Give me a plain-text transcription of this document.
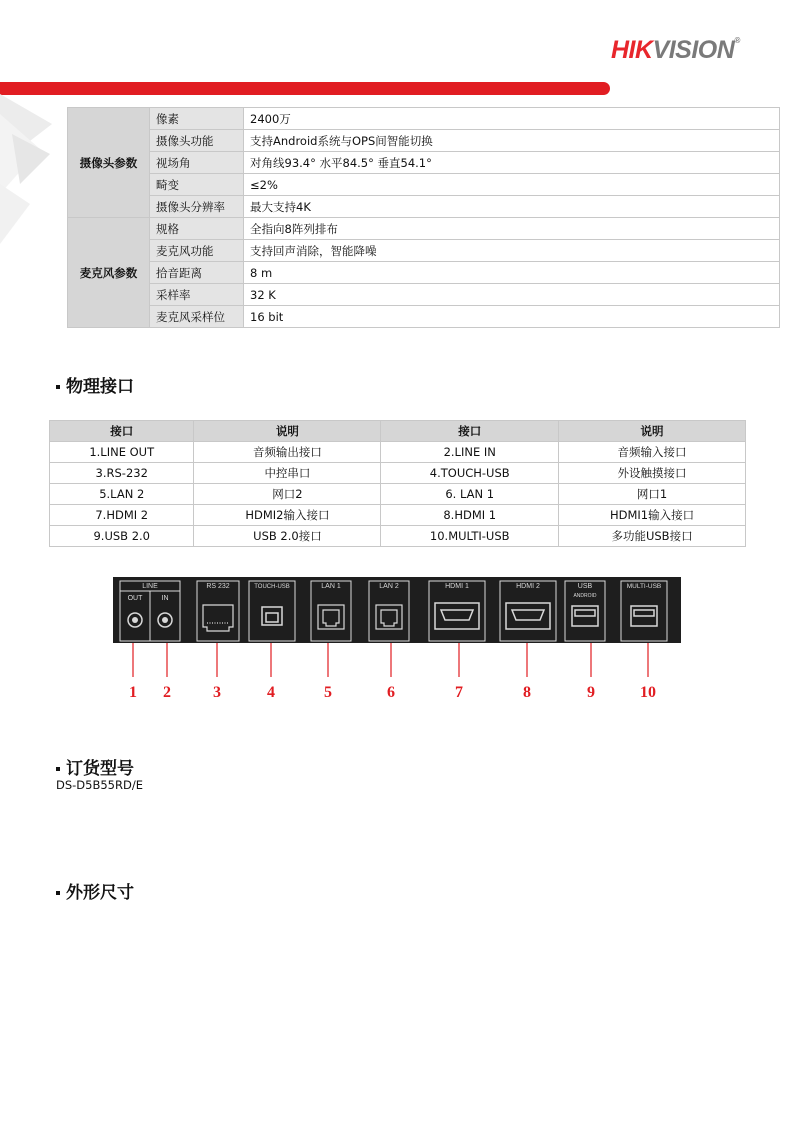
HIKVISION®
摄像头参数	像素	2400万
	摄像头功能	支持Android系统与OPS间智能切换
	视场角	对角线93.4° 水平84.5° 垂直54.1°
	畸变	≤2%
	摄像头分辨率	最大支持4K
麦克风参数	规格	全指向8阵列排布
	麦克风功能	支持回声消除，智能降噪
	拾音距离	8 m
	采样率	32 K
	麦克风采样位	16 bit
物理接口
接口	说明	接口	说明
1.LINE OUT	音频输出接口	2.LINE IN	音频输入接口
3.RS-232	中控串口	4.TOUCH-USB	外设触摸接口
5.LAN 2	网口2	6. LAN 1	网口1
7.HDMI 2	HDMI2输入接口	8.HDMI 1	HDMI1输入接口
9.USB 2.0	USB 2.0接口	10.MULTI-USB	多功能USB接口
LINE
OUT	IN
RS 232	TOUCH-USB	LAN 1	LAN 2	HDMI 1	HDMI 2	USB
ANDROID
MULTI-USB
1 2	3	4	5	6	7	8	9	10
订货型号
DS-D5B55RD/E
外形尺寸
